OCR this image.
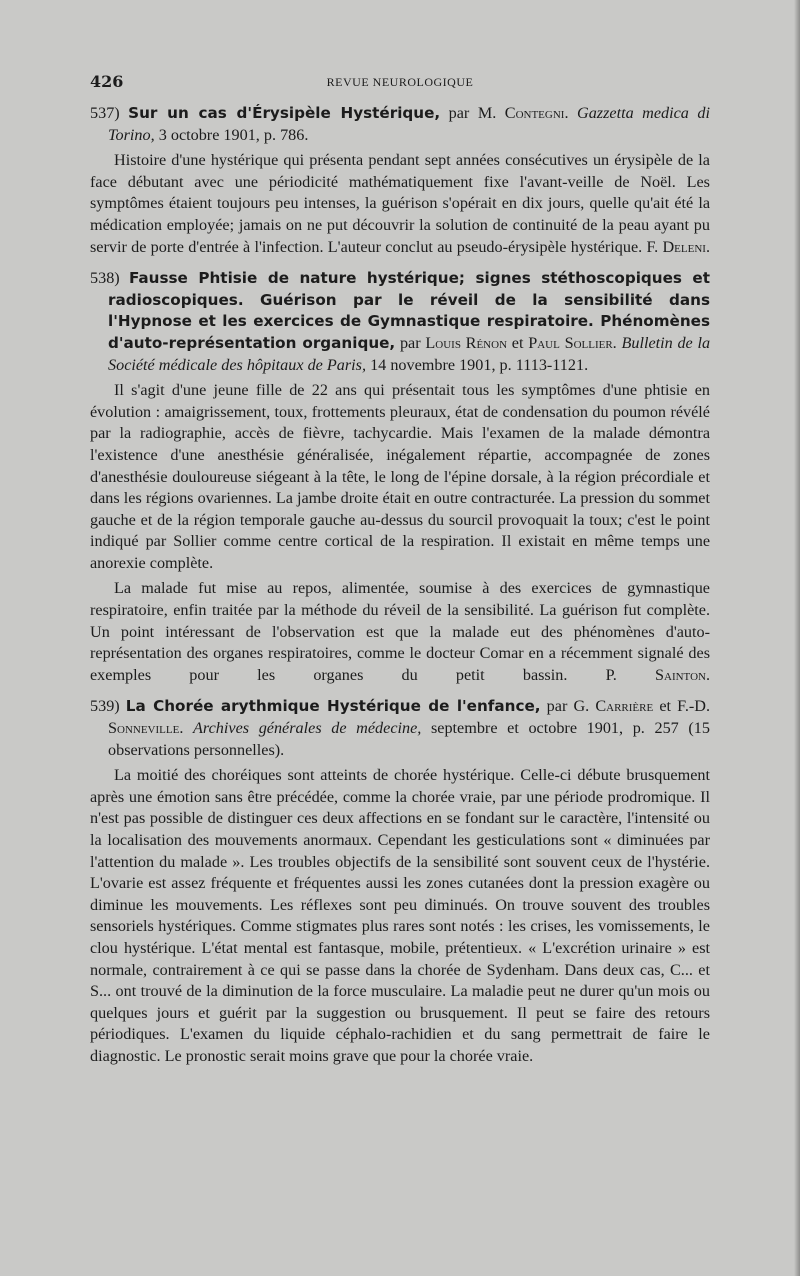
426	REVUE NEUROLOGIQUE

537) Sur un cas d'Érysipèle Hystérique, par M. Contegni. Gazzetta medica di Torino, 3 octobre 1901, p. 786.

Histoire d'une hystérique qui présenta pendant sept années consécutives un érysipèle de la face débutant avec une périodicité mathématiquement fixe l'avant-veille de Noël. Les symptômes étaient toujours peu intenses, la guérison s'opérait en dix jours, quelle qu'ait été la médication employée; jamais on ne put découvrir la solution de continuité de la peau ayant pu servir de porte d'entrée à l'infection. L'auteur conclut au pseudo-érysipèle hystérique. F. Deleni.

538) Fausse Phtisie de nature hystérique; signes stéthoscopiques et radioscopiques. Guérison par le réveil de la sensibilité dans l'Hypnose et les exercices de Gymnastique respiratoire. Phénomènes d'auto-représentation organique, par Louis Rénon et Paul Sollier. Bulletin de la Société médicale des hôpitaux de Paris, 14 novembre 1901, p. 1113-1121.

Il s'agit d'une jeune fille de 22 ans qui présentait tous les symptômes d'une phtisie en évolution : amaigrissement, toux, frottements pleuraux, état de condensation du poumon révélé par la radiographie, accès de fièvre, tachycardie. Mais l'examen de la malade démontra l'existence d'une anesthésie généralisée, inégalement répartie, accompagnée de zones d'anesthésie douloureuse siégeant à la tête, le long de l'épine dorsale, à la région précordiale et dans les régions ovariennes. La jambe droite était en outre contracturée. La pression du sommet gauche et de la région temporale gauche au-dessus du sourcil provoquait la toux; c'est le point indiqué par Sollier comme centre cortical de la respiration. Il existait en même temps une anorexie complète.

La malade fut mise au repos, alimentée, soumise à des exercices de gymnastique respiratoire, enfin traitée par la méthode du réveil de la sensibilité. La guérison fut complète. Un point intéressant de l'observation est que la malade eut des phénomènes d'auto-représentation des organes respiratoires, comme le docteur Comar en a récemment signalé des exemples pour les organes du petit bassin. P. Sainton.

539) La Chorée arythmique Hystérique de l'enfance, par G. Carrière et F.-D. Sonneville. Archives générales de médecine, septembre et octobre 1901, p. 257 (15 observations personnelles).

La moitié des choréiques sont atteints de chorée hystérique. Celle-ci débute brusquement après une émotion sans être précédée, comme la chorée vraie, par une période prodromique. Il n'est pas possible de distinguer ces deux affections en se fondant sur le caractère, l'intensité ou la localisation des mouvements anormaux. Cependant les gesticulations sont « diminuées par l'attention du malade ». Les troubles objectifs de la sensibilité sont souvent ceux de l'hystérie. L'ovarie est assez fréquente et fréquentes aussi les zones cutanées dont la pression exagère ou diminue les mouvements. Les réflexes sont peu diminués. On trouve souvent des troubles sensoriels hystériques. Comme stigmates plus rares sont notés : les crises, les vomissements, le clou hystérique. L'état mental est fantasque, mobile, prétentieux. « L'excrétion urinaire » est normale, contrairement à ce qui se passe dans la chorée de Sydenham. Dans deux cas, C... et S... ont trouvé de la diminution de la force musculaire. La maladie peut ne durer qu'un mois ou quelques jours et guérit par la suggestion ou brusquement. Il peut se faire des retours périodiques. L'examen du liquide céphalo-rachidien et du sang permettrait de faire le diagnostic. Le pronostic serait moins grave que pour la chorée vraie.
